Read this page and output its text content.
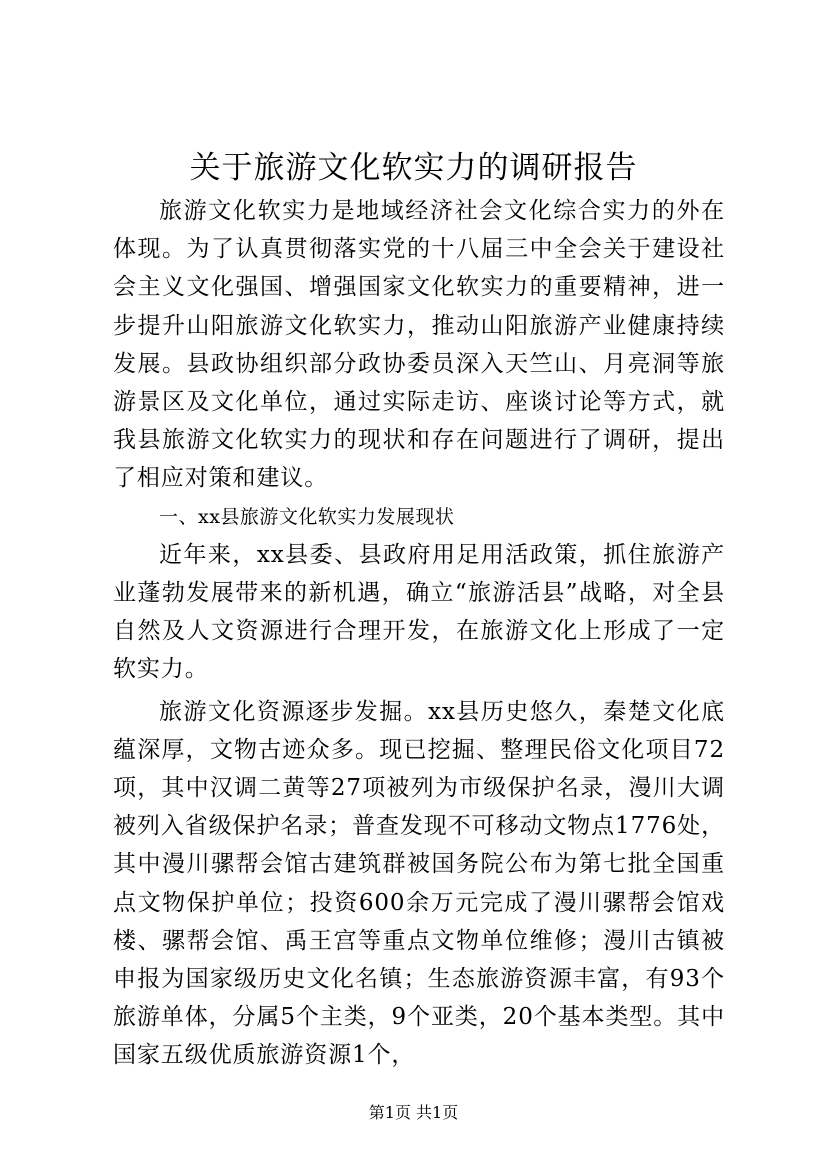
关于旅游文化软实力的调研报告

旅游文化软实力是地域经济社会文化综合实力的外在体现。为了认真贯彻落实党的十八届三中全会关于建设社会主义文化强国、增强国家文化软实力的重要精神，进一步提升山阳旅游文化软实力，推动山阳旅游产业健康持续发展。县政协组织部分政协委员深入天竺山、月亮洞等旅游景区及文化单位，通过实际走访、座谈讨论等方式，就我县旅游文化软实力的现状和存在问题进行了调研，提出了相应对策和建议。

一、xx县旅游文化软实力发展现状

近年来，xx县委、县政府用足用活政策，抓住旅游产业蓬勃发展带来的新机遇，确立“旅游活县”战略，对全县自然及人文资源进行合理开发，在旅游文化上形成了一定软实力。

旅游文化资源逐步发掘。xx县历史悠久，秦楚文化底蕴深厚，文物古迹众多。现已挖掘、整理民俗文化项目72项，其中汉调二黄等27项被列为市级保护名录，漫川大调被列入省级保护名录；普查发现不可移动文物点1776处，其中漫川骡帮会馆古建筑群被国务院公布为第七批全国重点文物保护单位；投资600余万元完成了漫川骡帮会馆戏楼、骡帮会馆、禹王宫等重点文物单位维修；漫川古镇被申报为国家级历史文化名镇；生态旅游资源丰富，有93个旅游单体，分属5个主类，9个亚类，20个基本类型。其中国家五级优质旅游资源1个，

第1页 共1页
